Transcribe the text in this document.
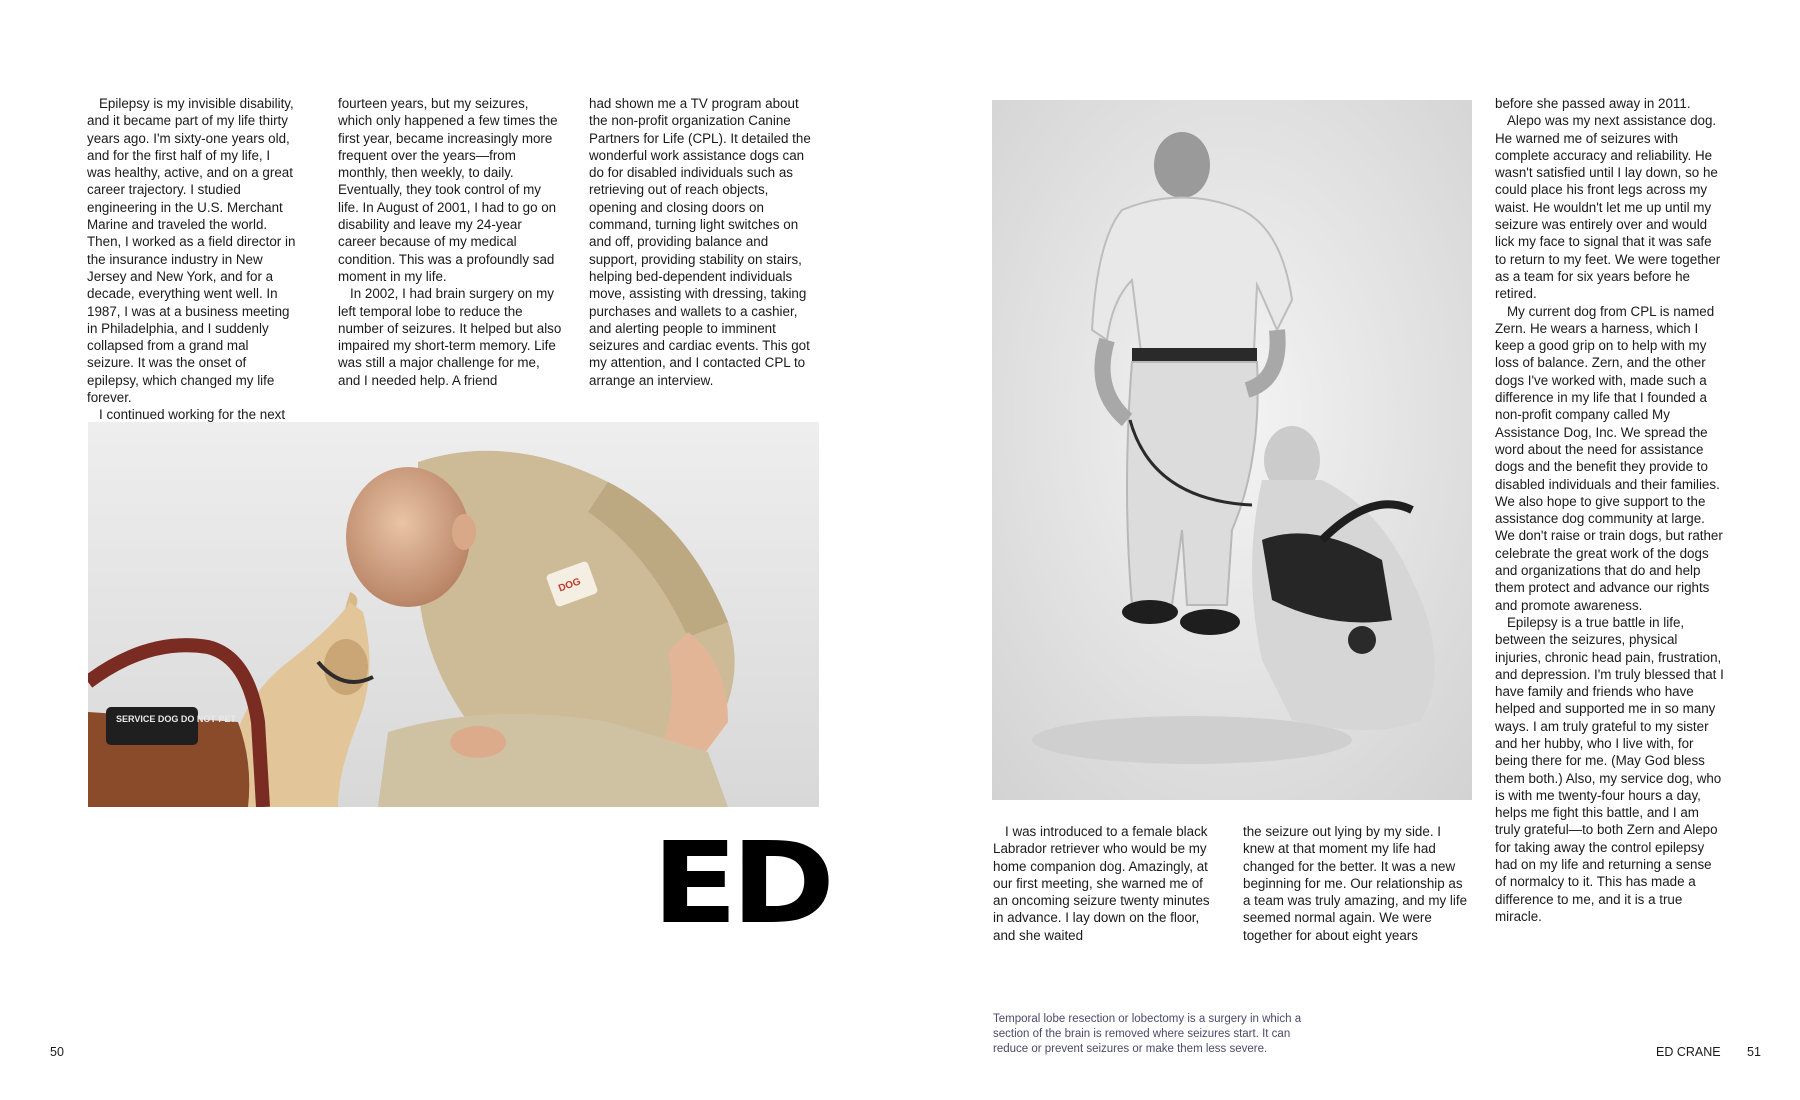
Epilepsy is my invisible disability, and it became part of my life thirty years ago. I'm sixty-one years old, and for the first half of my life, I was healthy, active, and on a great career trajectory. I studied engineering in the U.S. Merchant Marine and traveled the world. Then, I worked as a field director in the insurance industry in New Jersey and New York, and for a decade, everything went well. In 1987, I was at a business meeting in Philadelphia, and I suddenly collapsed from a grand mal seizure. It was the onset of epilepsy, which changed my life forever.

I continued working for the next

fourteen years, but my seizures, which only happened a few times the first year, became increasingly more frequent over the years—from monthly, then weekly, to daily. Eventually, they took control of my life. In August of 2001, I had to go on disability and leave my 24-year career because of my medical condition. This was a profoundly sad moment in my life.

In 2002, I had brain surgery on my left temporal lobe to reduce the number of seizures. It helped but also impaired my short-term memory. Life was still a major challenge for me, and I needed help. A friend

had shown me a TV program about the non-profit organization Canine Partners for Life (CPL). It detailed the wonderful work assistance dogs can do for disabled individuals such as retrieving out of reach objects, opening and closing doors on command, turning light switches on and off, providing balance and support, providing stability on stairs, helping bed-dependent individuals move, assisting with dressing, taking purchases and wallets to a cashier, and alerting people to imminent seizures and cardiac events. This got my attention, and I contacted CPL to arrange an interview.

DOG
SERVICE DOG DO NOT PET
ED
50

I was introduced to a female black Labrador retriever who would be my home companion dog. Amazingly, at our first meeting, she warned me of an oncoming seizure twenty minutes in advance. I lay down on the floor, and she waited

the seizure out lying by my side. I knew at that moment my life had changed for the better. It was a new beginning for me. Our relationship as a team was truly amazing, and my life seemed normal again. We were together for about eight years

before she passed away in 2011.

Alepo was my next assistance dog. He warned me of seizures with complete accuracy and reliability. He wasn't satisfied until I lay down, so he could place his front legs across my waist. He wouldn't let me up until my seizure was entirely over and would lick my face to signal that it was safe to return to my feet. We were together as a team for six years before he retired.

My current dog from CPL is named Zern. He wears a harness, which I keep a good grip on to help with my loss of balance. Zern, and the other dogs I've worked with, made such a difference in my life that I founded a non-profit company called My Assistance Dog, Inc. We spread the word about the need for assistance dogs and the benefit they provide to disabled individuals and their families. We also hope to give support to the assistance dog community at large. We don't raise or train dogs, but rather celebrate the great work of the dogs and organizations that do and help them protect and advance our rights and promote awareness.

Epilepsy is a true battle in life, between the seizures, physical injuries, chronic head pain, frustration, and depression. I'm truly blessed that I have family and friends who have helped and supported me in so many ways. I am truly grateful to my sister and her hubby, who I live with, for being there for me. (May God bless them both.) Also, my service dog, who is with me twenty-four hours a day, helps me fight this battle, and I am truly grateful—to both Zern and Alepo for taking away the control epilepsy had on my life and returning a sense of normalcy to it. This has made a difference to me, and it is a true miracle.

Temporal lobe resection or lobectomy is a surgery in which a section of the brain is removed where seizures start. It can reduce or prevent seizures or make them less severe.	ED CRANE 51
